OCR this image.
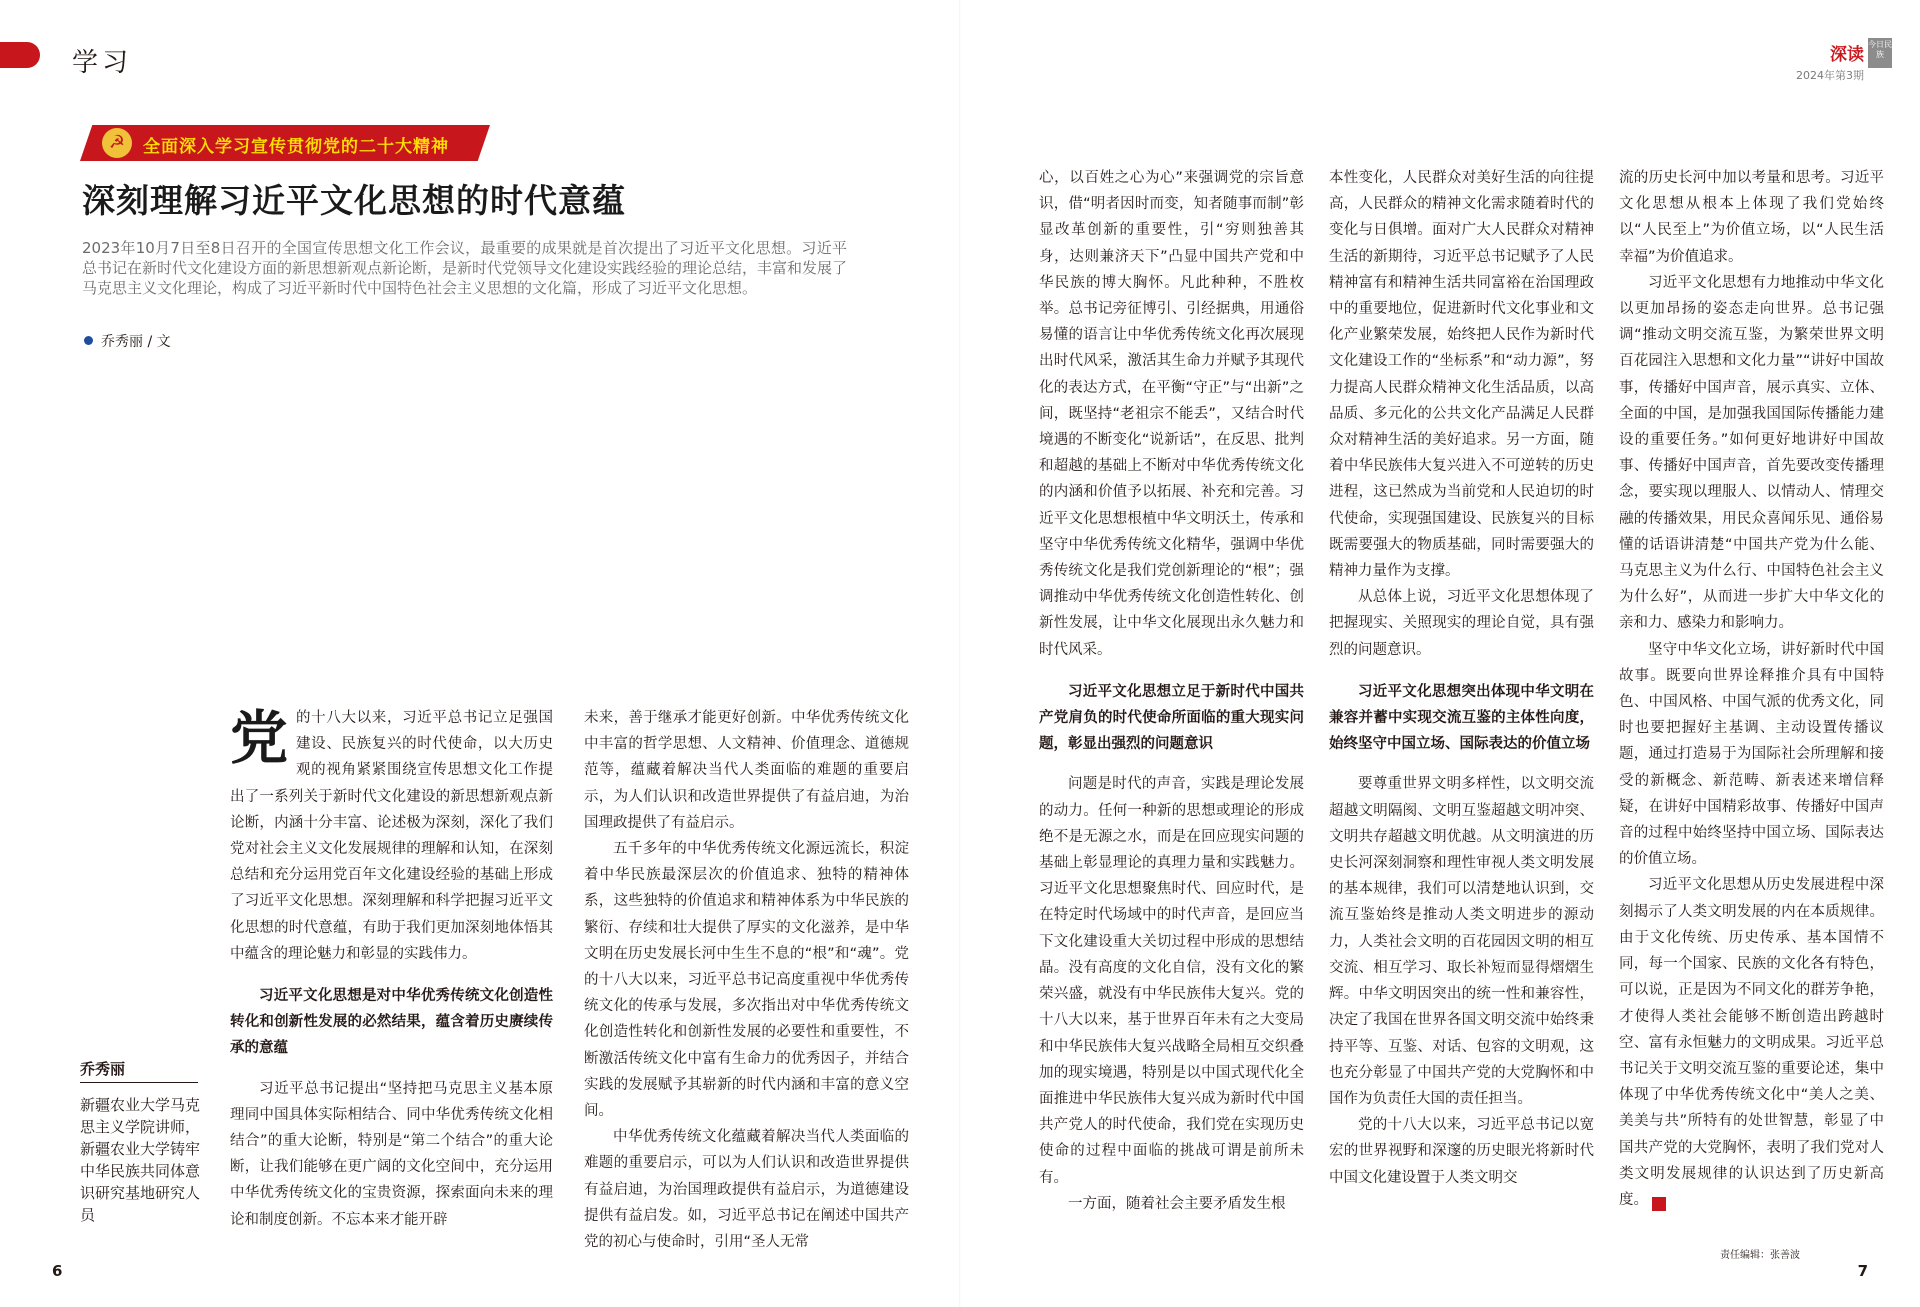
学习	深读
2024年第3期
今日民族
☭	全面深入学习宣传贯彻党的二十大精神
深刻理解习近平文化思想的时代意蕴
2023年10月7日至8日召开的全国宣传思想文化工作会议，最重要的成果就是首次提出了习近平文化思想。习近平总书记在新时代文化建设方面的新思想新观点新论断，是新时代党领导文化建设实践经验的理论总结，丰富和发展了马克思主义文化理论，构成了习近平新时代中国特色社会主义思想的文化篇，形成了习近平文化思想。
乔秀丽 / 文
乔秀丽
新疆农业大学马克思主义学院讲师，新疆农业大学铸牢中华民族共同体意识研究基地研究人员
党 的十八大以来，习近平总书记立足强国建设、民族复兴的时代使命，以大历史观的视角紧紧围绕宣传思想文化工作提出了一系列关于新时代文化建设的新思想新观点新论断，内涵十分丰富、论述极为深刻，深化了我们党对社会主义文化发展规律的理解和认知，在深刻总结和充分运用党百年文化建设经验的基础上形成了习近平文化思想。深刻理解和科学把握习近平文化思想的时代意蕴，有助于我们更加深刻地体悟其中蕴含的理论魅力和彰显的实践伟力。

习近平文化思想是对中华优秀传统文化创造性转化和创新性发展的必然结果，蕴含着历史赓续传承的意蕴

习近平总书记提出“坚持把马克思主义基本原理同中国具体实际相结合、同中华优秀传统文化相结合”的重大论断，特别是“第二个结合”的重大论断，让我们能够在更广阔的文化空间中，充分运用中华优秀传统文化的宝贵资源，探索面向未来的理论和制度创新。不忘本来才能开辟

未来，善于继承才能更好创新。中华优秀传统文化中丰富的哲学思想、人文精神、价值理念、道德规范等，蕴藏着解决当代人类面临的难题的重要启示，为人们认识和改造世界提供了有益启迪，为治国理政提供了有益启示。

五千多年的中华优秀传统文化源远流长，积淀着中华民族最深层次的价值追求、独特的精神体系，这些独特的价值追求和精神体系为中华民族的繁衍、存续和壮大提供了厚实的文化滋养，是中华文明在历史发展长河中生生不息的“根”和“魂”。党的十八大以来，习近平总书记高度重视中华优秀传统文化的传承与发展，多次指出对中华优秀传统文化创造性转化和创新性发展的必要性和重要性，不断激活传统文化中富有生命力的优秀因子，并结合实践的发展赋予其崭新的时代内涵和丰富的意义空间。

中华优秀传统文化蕴藏着解决当代人类面临的难题的重要启示，可以为人们认识和改造世界提供有益启迪，为治国理政提供有益启示，为道德建设提供有益启发。如，习近平总书记在阐述中国共产党的初心与使命时，引用“圣人无常

心，以百姓之心为心”来强调党的宗旨意识，借“明者因时而变，知者随事而制”彰显改革创新的重要性，引“穷则独善其身，达则兼济天下”凸显中国共产党和中华民族的博大胸怀。凡此种种，不胜枚举。总书记旁征博引、引经据典，用通俗易懂的语言让中华优秀传统文化再次展现出时代风采，激活其生命力并赋予其现代化的表达方式，在平衡“守正”与“出新”之间，既坚持“老祖宗不能丢”，又结合时代境遇的不断变化“说新话”，在反思、批判和超越的基础上不断对中华优秀传统文化的内涵和价值予以拓展、补充和完善。习近平文化思想根植中华文明沃土，传承和坚守中华优秀传统文化精华，强调中华优秀传统文化是我们党创新理论的“根”；强调推动中华优秀传统文化创造性转化、创新性发展，让中华文化展现出永久魅力和时代风采。

习近平文化思想立足于新时代中国共产党肩负的时代使命所面临的重大现实问题，彰显出强烈的问题意识

问题是时代的声音，实践是理论发展的动力。任何一种新的思想或理论的形成绝不是无源之水，而是在回应现实问题的基础上彰显理论的真理力量和实践魅力。习近平文化思想聚焦时代、回应时代，是在特定时代场域中的时代声音，是回应当下文化建设重大关切过程中形成的思想结晶。没有高度的文化自信，没有文化的繁荣兴盛，就没有中华民族伟大复兴。党的十八大以来，基于世界百年未有之大变局和中华民族伟大复兴战略全局相互交织叠加的现实境遇，特别是以中国式现代化全面推进中华民族伟大复兴成为新时代中国共产党人的时代使命，我们党在实现历史使命的过程中面临的挑战可谓是前所未有。

一方面，随着社会主要矛盾发生根

本性变化，人民群众对美好生活的向往提高，人民群众的精神文化需求随着时代的变化与日俱增。面对广大人民群众对精神生活的新期待，习近平总书记赋予了人民精神富有和精神生活共同富裕在治国理政中的重要地位，促进新时代文化事业和文化产业繁荣发展，始终把人民作为新时代文化建设工作的“坐标系”和“动力源”，努力提高人民群众精神文化生活品质，以高品质、多元化的公共文化产品满足人民群众对精神生活的美好追求。另一方面，随着中华民族伟大复兴进入不可逆转的历史进程，这已然成为当前党和人民迫切的时代使命，实现强国建设、民族复兴的目标既需要强大的物质基础，同时需要强大的精神力量作为支撑。

从总体上说，习近平文化思想体现了把握现实、关照现实的理论自觉，具有强烈的问题意识。

习近平文化思想突出体现中华文明在兼容并蓄中实现交流互鉴的主体性向度，始终坚守中国立场、国际表达的价值立场

要尊重世界文明多样性，以文明交流超越文明隔阂、文明互鉴超越文明冲突、文明共存超越文明优越。从文明演进的历史长河深刻洞察和理性审视人类文明发展的基本规律，我们可以清楚地认识到，交流互鉴始终是推动人类文明进步的源动力，人类社会文明的百花园因文明的相互交流、相互学习、取长补短而显得熠熠生辉。中华文明因突出的统一性和兼容性，决定了我国在世界各国文明交流中始终秉持平等、互鉴、对话、包容的文明观，这也充分彰显了中国共产党的大党胸怀和中国作为负责任大国的责任担当。

党的十八大以来，习近平总书记以宽宏的世界视野和深邃的历史眼光将新时代中国文化建设置于人类文明交

流的历史长河中加以考量和思考。习近平文化思想从根本上体现了我们党始终以“人民至上”为价值立场，以“人民生活幸福”为价值追求。

习近平文化思想有力地推动中华文化以更加昂扬的姿态走向世界。总书记强调“推动文明交流互鉴，为繁荣世界文明百花园注入思想和文化力量”“讲好中国故事，传播好中国声音，展示真实、立体、全面的中国，是加强我国国际传播能力建设的重要任务。”如何更好地讲好中国故事、传播好中国声音，首先要改变传播理念，要实现以理服人、以情动人、情理交融的传播效果，用民众喜闻乐见、通俗易懂的话语讲清楚“中国共产党为什么能、马克思主义为什么行、中国特色社会主义为什么好”，从而进一步扩大中华文化的亲和力、感染力和影响力。

坚守中华文化立场，讲好新时代中国故事。既要向世界诠释推介具有中国特色、中国风格、中国气派的优秀文化，同时也要把握好主基调、主动设置传播议题，通过打造易于为国际社会所理解和接受的新概念、新范畴、新表述来增信释疑，在讲好中国精彩故事、传播好中国声音的过程中始终坚持中国立场、国际表达的价值立场。

习近平文化思想从历史发展进程中深刻揭示了人类文明发展的内在本质规律。由于文化传统、历史传承、基本国情不同，每一个国家、民族的文化各有特色，可以说，正是因为不同文化的群芳争艳，才使得人类社会能够不断创造出跨越时空、富有永恒魅力的文明成果。习近平总书记关于文明交流互鉴的重要论述，集中体现了中华优秀传统文化中“美人之美、美美与共”所特有的处世智慧，彰显了中国共产党的大党胸怀，表明了我们党对人类文明发展规律的认识达到了历史新高度。	J

6
责任编辑：张善波
7
